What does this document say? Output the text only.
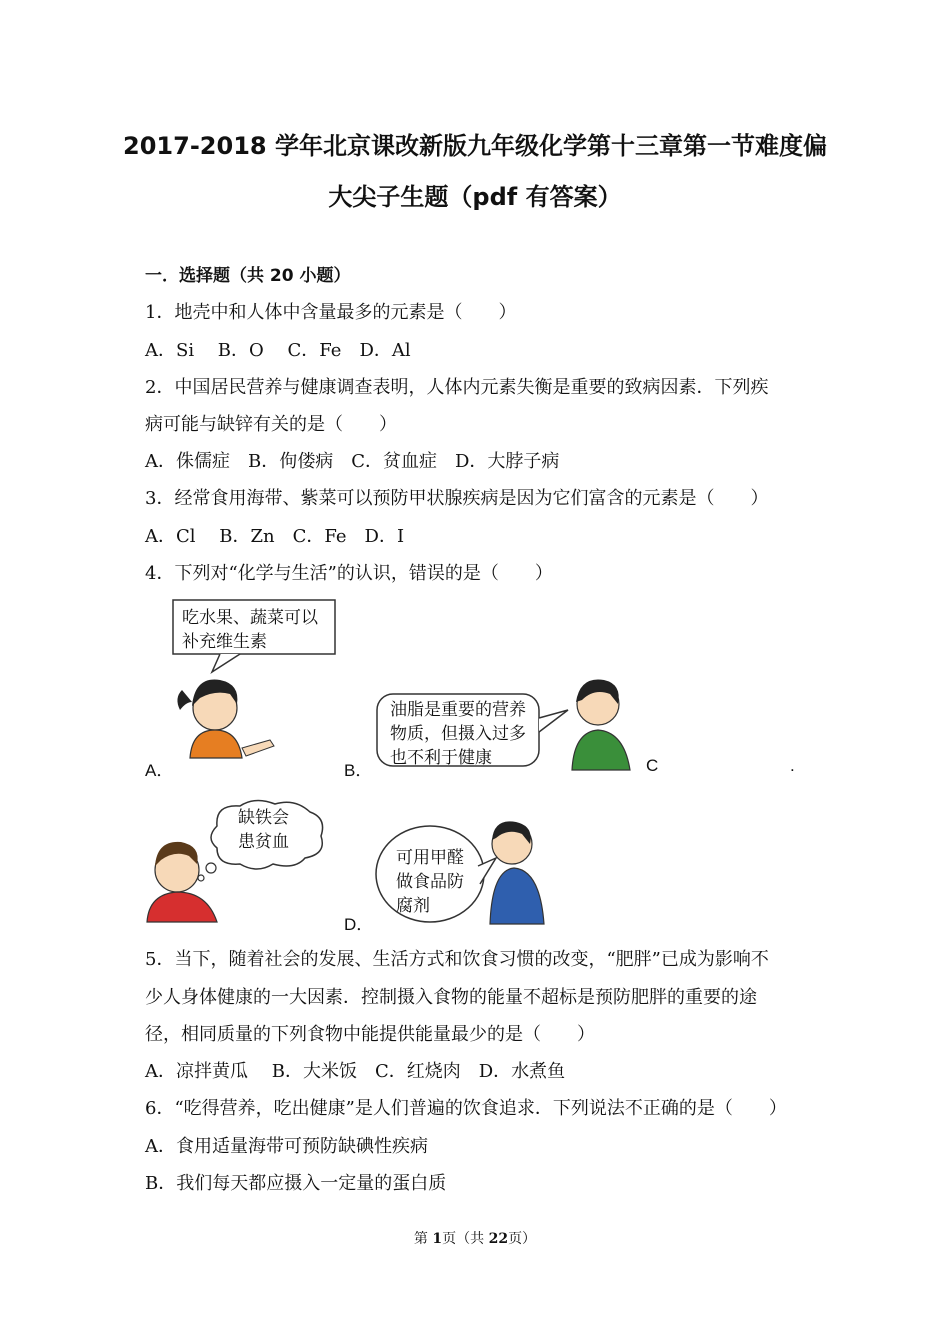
2017-2018 学年北京课改新版九年级化学第十三章第一节难度偏
大尖子生题（pdf 有答案）
一．选择题（共 20 小题）
1．地壳中和人体中含量最多的元素是（　　）
A．Si　 B．O　 C．Fe　D．Al
2．中国居民营养与健康调查表明，人体内元素失衡是重要的致病因素．下列疾
病可能与缺锌有关的是（　　）
A．侏儒症　B．佝偻病　C．贫血症　D．大脖子病
3．经常食用海带、紫菜可以预防甲状腺疾病是因为它们富含的元素是（　　）
A．Cl　 B．Zn　C．Fe　D．I
4．下列对“化学与生活”的认识，错误的是（　　）
吃水果、蔬菜可以
补充维生素
油脂是重要的营养
物质，但摄入过多
也不利于健康
A．	B．	C	.
缺铁会
患贫血
可用甲醛
做食品防
腐剂
D．
5．当下，随着社会的发展、生活方式和饮食习惯的改变，“肥胖”已成为影响不
少人身体健康的一大因素．控制摄入食物的能量不超标是预防肥胖的重要的途
径，相同质量的下列食物中能提供能量最少的是（　　）
A．凉拌黄瓜　 B．大米饭　C．红烧肉　D．水煮鱼
6．“吃得营养，吃出健康”是人们普遍的饮食追求．下列说法不正确的是（　　）
A．食用适量海带可预防缺碘性疾病
B．我们每天都应摄入一定量的蛋白质
第 1页（共 22页）
